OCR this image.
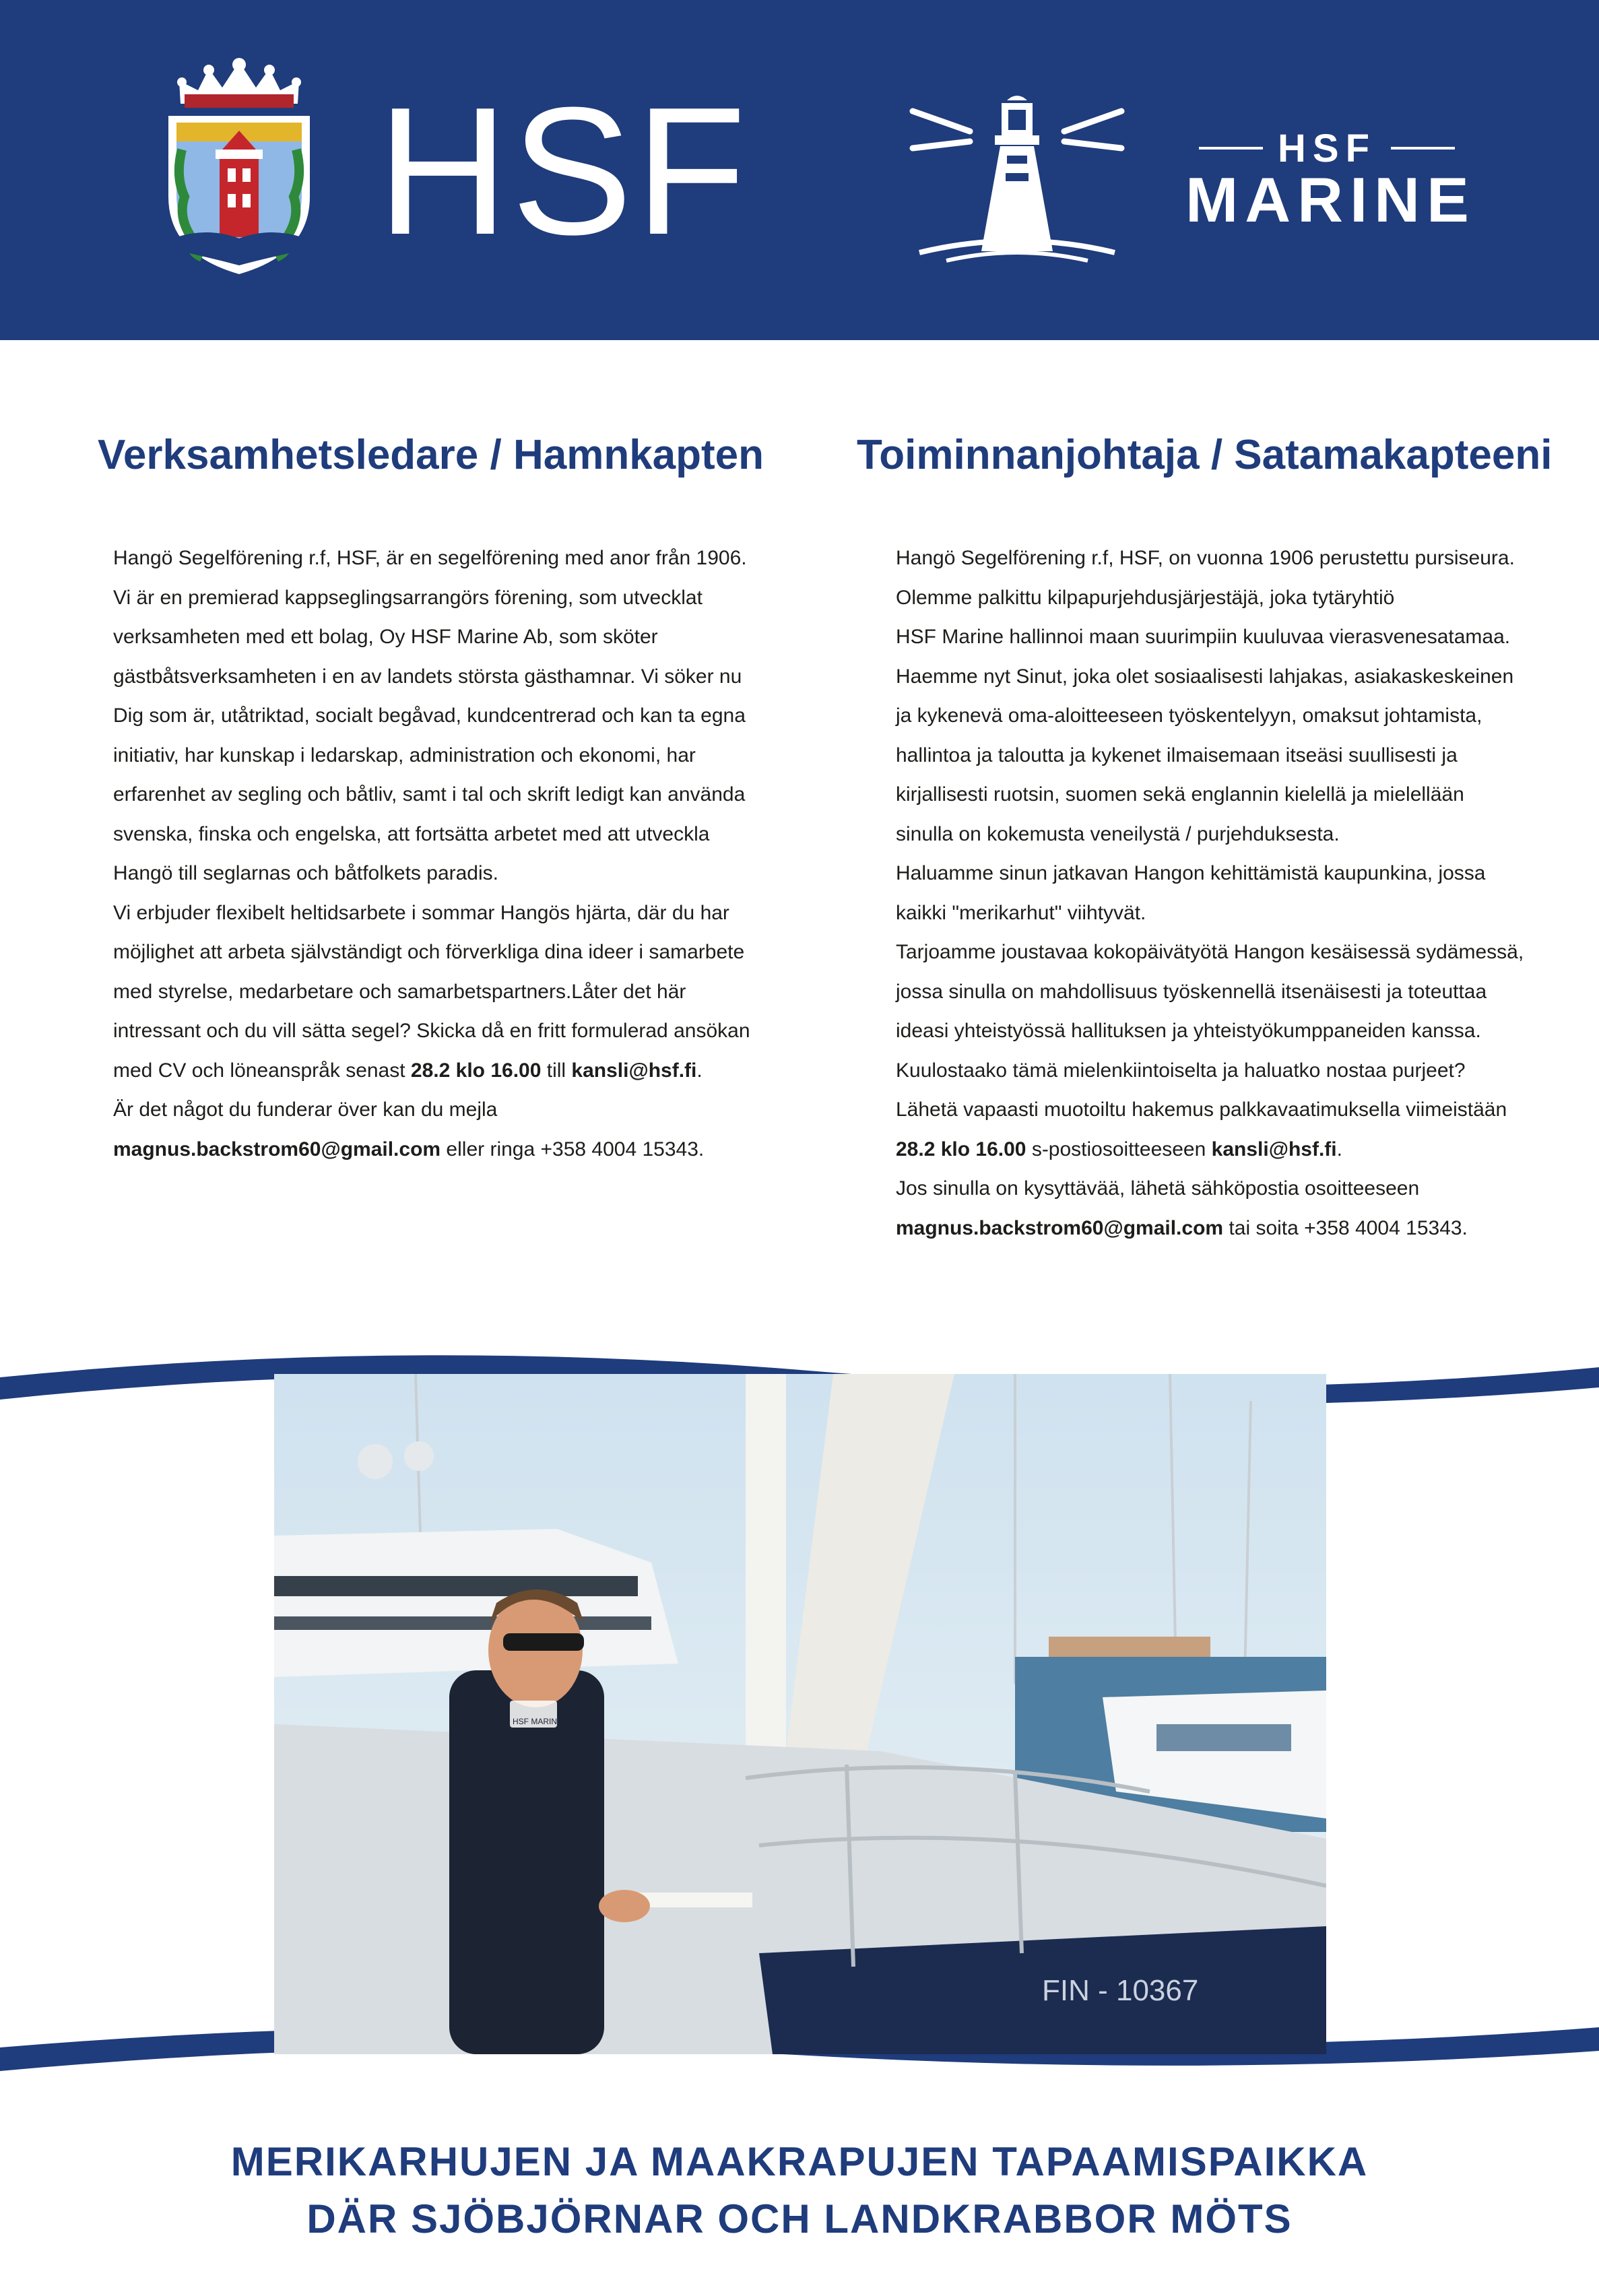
HSF	HSF
MARINE
Verksamhetsledare / Hamnkapten Toiminnanjohtaja / Satamakapteeni

Hangö Segelförening r.f, HSF, är en segelförening med anor från 1906.

Vi är en premierad kappseglingsarrangörs förening, som utvecklat

verksamheten med ett bolag, Oy HSF Marine Ab, som sköter

gästbåtsverksamheten i en av landets största gästhamnar. Vi söker nu

Dig som är, utåtriktad, socialt begåvad, kundcentrerad och kan ta egna

initiativ, har kunskap i ledarskap, administration och ekonomi, har

erfarenhet av segling och båtliv, samt i tal och skrift ledigt kan använda

svenska, finska och engelska, att fortsätta arbetet med att utveckla

Hangö till seglarnas och båtfolkets paradis.

Vi erbjuder flexibelt heltidsarbete i sommar Hangös hjärta, där du har

möjlighet att arbeta självständigt och förverkliga dina ideer i samarbete

med styrelse, medarbetare och samarbetspartners.Låter det här

intressant och du vill sätta segel? Skicka då en fritt formulerad ansökan

med CV och löneanspråk senast 28.2 klo 16.00 till kansli@hsf.fi.

Är det något du funderar över kan du mejla

magnus.backstrom60@gmail.com eller ringa +358 4004 15343.

Hangö Segelförening r.f, HSF, on vuonna 1906 perustettu pursiseura.

Olemme palkittu kilpapurjehdusjärjestäjä, joka tytäryhtiö

HSF Marine hallinnoi maan suurimpiin kuuluvaa vierasvenesatamaa.

Haemme nyt Sinut, joka olet sosiaalisesti lahjakas, asiakaskeskeinen

ja kykenevä oma-aloitteeseen työskentelyyn, omaksut johtamista,

hallintoa ja taloutta ja kykenet ilmaisemaan itseäsi suullisesti ja

kirjallisesti ruotsin, suomen sekä englannin kielellä ja mielellään

sinulla on kokemusta veneilystä / purjehduksesta.

Haluamme sinun jatkavan Hangon kehittämistä kaupunkina, jossa

kaikki "merikarhut" viihtyvät.

Tarjoamme joustavaa kokopäivätyötä Hangon kesäisessä sydämessä,

jossa sinulla on mahdollisuus työskennellä itsenäisesti ja toteuttaa

ideasi yhteistyössä hallituksen ja yhteistyökumppaneiden kanssa.

Kuulostaako tämä mielenkiintoiselta ja haluatko nostaa purjeet?

Lähetä vapaasti muotoiltu hakemus palkkavaatimuksella viimeistään

28.2 klo 16.00 s-postiosoitteeseen kansli@hsf.fi.

Jos sinulla on kysyttävää, lähetä sähköpostia osoitteeseen

magnus.backstrom60@gmail.com tai soita +358 4004 15343.

FIN - 10367
HSF MARINE
MERIKARHUJEN JA MAAKRAPUJEN TAPAAMISPAIKKA
DÄR SJÖBJÖRNAR OCH LANDKRABBOR MÖTS
